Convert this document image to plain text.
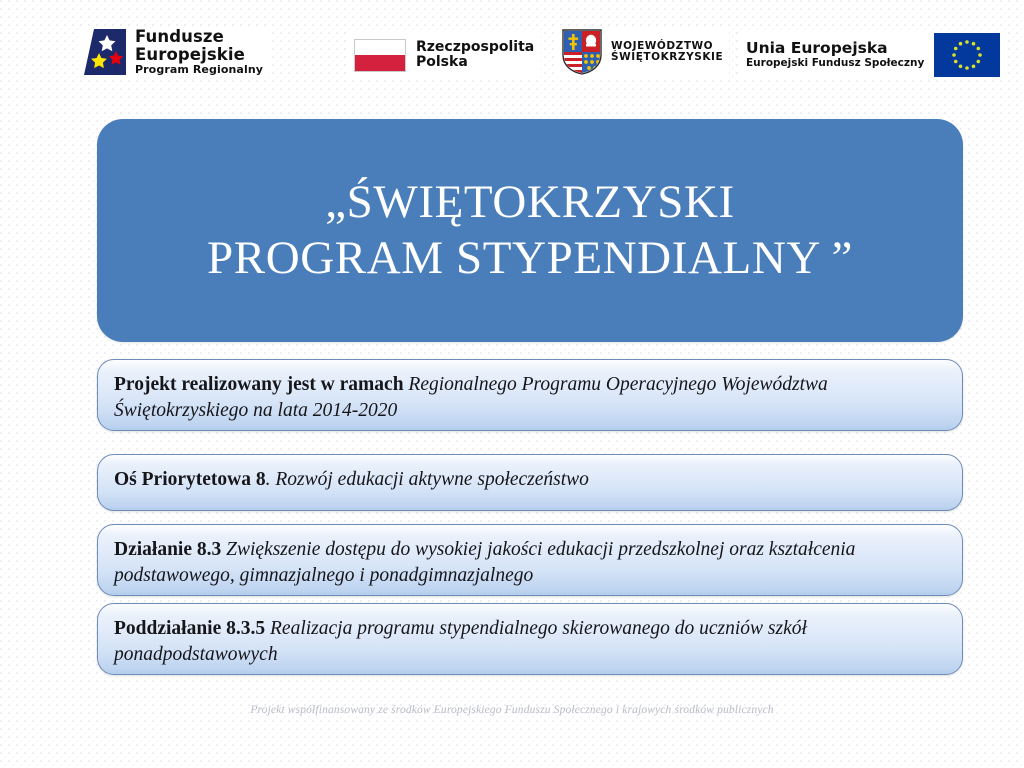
Fundusze
Europejskie
Program Regionalny
Rzeczpospolita
Polska
WOJEWÓDZTWO
ŚWIĘTOKRZYSKIE Unia Europejska
Europejski Fundusz Społeczny
„ŚWIĘTOKRZYSKI
PROGRAM STYPENDIALNY ”

Projekt realizowany jest w ramach Regionalnego Programu Operacyjnego Województwa Świętokrzyskiego na lata 2014-2020

Oś Priorytetowa 8. Rozwój edukacji aktywne społeczeństwo

Działanie 8.3 Zwiększenie dostępu do wysokiej jakości edukacji przedszkolnej oraz kształcenia podstawowego, gimnazjalnego i ponadgimnazjalnego

Poddziałanie 8.3.5 Realizacja programu stypendialnego skierowanego do uczniów szkół ponadpodstawowych

Projekt współfinansowany ze środków Europejskiego Funduszu Społecznego i krajowych środków publicznych
